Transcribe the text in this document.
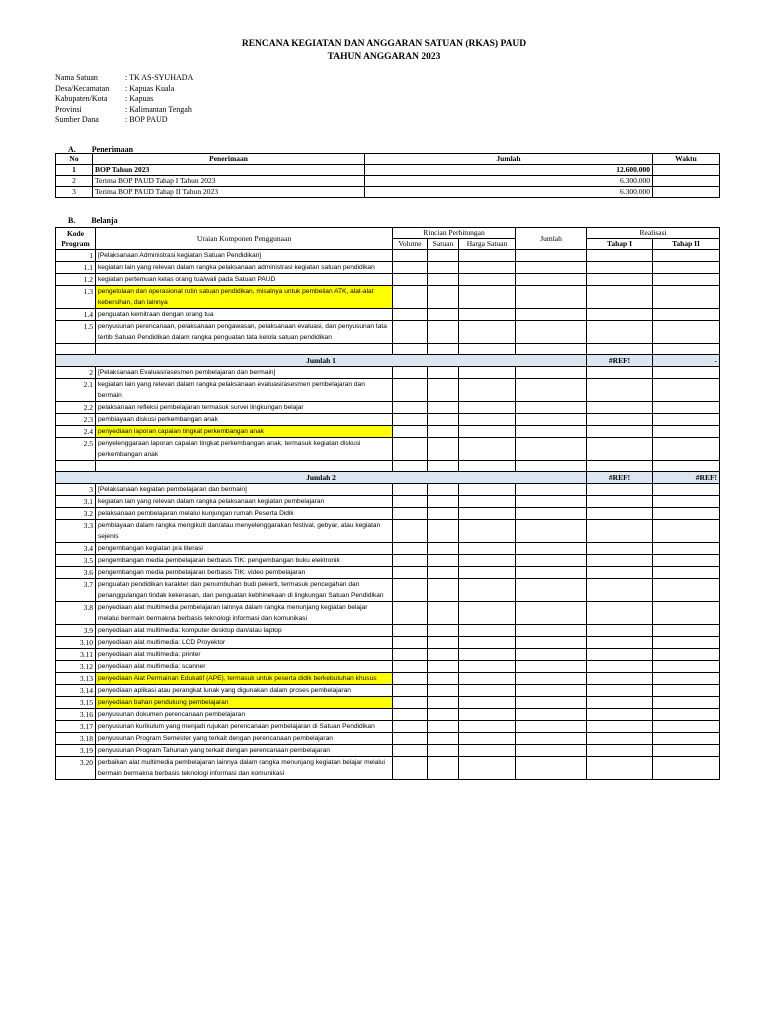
RENCANA KEGIATAN DAN ANGGARAN SATUAN (RKAS) PAUD
TAHUN ANGGARAN 2023
Nama Satuan	: TK AS-SYUHADA
Desa/Kecamatan	: Kapuas Kuala
Kabupaten/Kota	: Kapuas
Provinsi	: Kalimantan Tengah
Sumber Dana	: BOP PAUD
A. Penerimaan
No	Penerimaan	Jumlah	Waktu
1	BOP Tahun 2023	12.600.000	
2	Terima BOP PAUD Tahap I Tahun 2023	6.300.000	
3	Terima BOP PAUD Tahap II Tahun 2023	6.300.000	
B. Belanja
Kode Program	Uraian Komponen Penggunaan	Rincian Perhitungan			Jumlah	Realisasi	
		Volume	Satuan	Harga Satuan		Tahap I	Tahap II
1	[Pelaksanaan Administrasi kegiatan Satuan Pendidikan]						
1.1	kegiatan lain yang relevan dalam rangka pelaksanaan administrasi kegiatan satuan pendidikan						
1.2	kegiatan pertemuan kelas orang tua/wali pada Satuan PAUD						
1.3	pengelolaan dan operasional rutin satuan pendidikan, misalnya untuk pembelian ATK, alat-alat kebersihan, dan lainnya						
1.4	penguatan kemitraan dengan orang tua						
1.5	penyusunan perencanaan, pelaksanaan pengawasan, pelaksanaan evaluasi, dan penyusunan tata tertib Satuan Pendidikan dalam rangka penguatan tata kelola satuan pendidikan						

Jumlah 1						#REF!	-
2	[Pelaksanaan Evaluasi/asesmen pembelajaran dan bermain]						
2.1	kegiatan lain yang relevan dalam rangka pelaksanaan evaluasi/asesmen pembelajaran dan bermain						
2.2	pelaksanaan refleksi pembelajaran termasuk survei lingkungan belajar						
2.3	pembiayaan diskusi perkembangan anak						
2.4	penyediaan laporan capaian tingkat perkembangan anak						
2.5	penyelenggaraan laporan capaian tingkat perkembangan anak, termasuk kegiatan diskusi perkembangan anak						

Jumlah 2						#REF!	#REF!
3	[Pelaksanaan kegiatan pembelajaran dan bermain]						
3.1	kegiatan lain yang relevan dalam rangka pelaksanaan kegiatan pembelajaran						
3.2	pelaksanaan pembelajaran melalui kunjungan rumah Peserta Didik						
3.3	pembiayaan dalam rangka mengikuti dan/atau menyelenggarakan festival, gebyar, atau kegiatan sejenis						
3.4	pengembangan kegiatan pra literasi						
3.5	pengembangan media pembelajaran berbasis TIK: pengembangan buku elektronik						
3.6	pengembangan media pembelajaran berbasis TIK: video pembelajaran						
3.7	penguatan pendidikan karakter dan penumbuhan budi pekerti, termasuk pencegahan dan penanggulangan tindak kekerasan, dan penguatan kebhinekaan di lingkungan Satuan Pendidikan						
3.8	penyediaan alat multimedia pembelajaran lainnya dalam rangka menunjang kegiatan belajar melalui bermain bermakna berbasis teknologi informasi dan komunikasi						
3.9	penyediaan alat multimedia: komputer desktop dan/atau laptop						
3.10	penyediaan alat multimedia: LCD Proyektor						
3.11	penyediaan alat multimedia: printer						
3.12	penyediaan alat multimedia: scanner						
3.13	penyediaan Alat Permainan Edukatif (APE), termasuk untuk peserta didik berkebutuhan khusus						
3.14	penyediaan aplikasi atau perangkat lunak yang digunakan dalam proses pembelajaran						
3.15	penyediaan bahan pendukung pembelajaran						
3.16	penyusunan dokumen perencanaan pembelajaran						
3.17	penyusunan kurikulum yang menjadi rujukan perencanaan pembelajaran di Satuan Pendidikan						
3.18	penyusunan Program Semester yang terkait dengan perencanaan pembelajaran						
3.19	penyusunan Program Tahunan yang terkait dengan perencanaan pembelajaran						
3.20	perbaikan alat multimedia pembelajaran lainnya dalam rangka menunjang kegiatan belajar melalui bermain bermakna berbasis teknologi informasi dan komunikasi						
